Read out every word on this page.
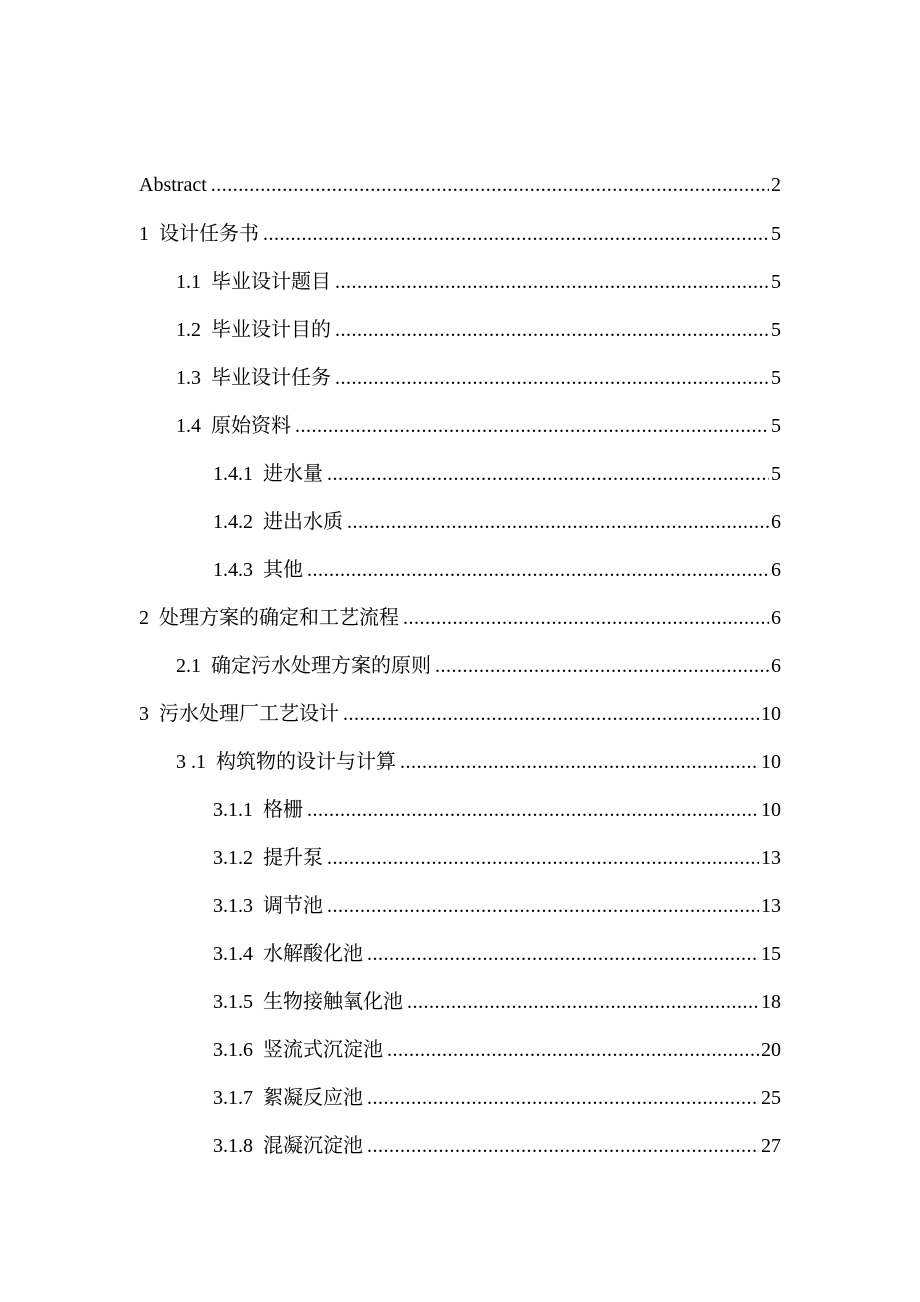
Abstract .....	2
1 设计任务书 .....	5
1.1 毕业设计题目 .....	5
1.2 毕业设计目的 .....	5
1.3 毕业设计任务 .....	5
1.4 原始资料 .....	5
1.4.1 进水量 .....	5
1.4.2 进出水质 .....	6
1.4.3 其他 .....	6
2 处理方案的确定和工艺流程 .....	6
2.1 确定污水处理方案的原则 .....	6
3 污水处理厂工艺设计 .....	10
3 .1 构筑物的设计与计算 .....	10
3.1.1 格栅 .....	10
3.1.2 提升泵 .....	13
3.1.3 调节池 .....	13
3.1.4 水解酸化池 .....	15
3.1.5 生物接触氧化池 .....	18
3.1.6 竖流式沉淀池 .....	20
3.1.7 絮凝反应池 .....	25
3.1.8 混凝沉淀池 .....	27
